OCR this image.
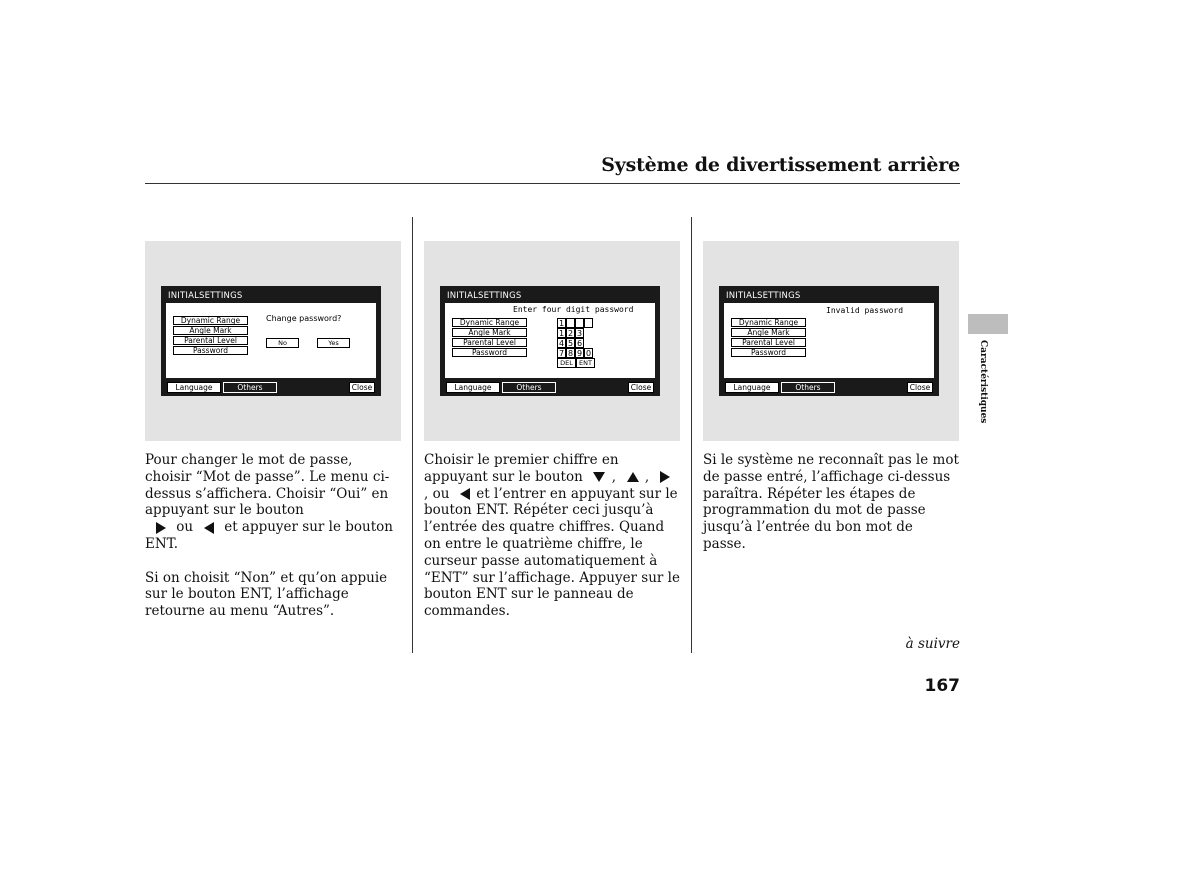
Système de divertissement arrière
INITIALSETTINGS
Dynamic Range
Angle Mark
Parental Level
Password
Change password?
No	Yes
Language	Others	Close
INITIALSETTINGS
Enter four digit password
Dynamic Range
Angle Mark
Parental Level
Password
1
1 2 3
4 5 6
7 8 9 0
DEL ENT
Language	Others	Close
INITIALSETTINGS
Invalid password
Dynamic Range
Angle Mark
Parental Level
Password
Language	Others	Close

Pour changer le mot de passe, choisir “Mot de passe”. Le menu ci-dessus s’affichera. Choisir “Oui” en appuyant sur le bouton
ou et appuyer sur le bouton ENT.

Si on choisit “Non” et qu’on appuie sur le bouton ENT, l’affichage retourne au menu “Autres”.

Choisir le premier chiffre en appuyant sur le bouton , ,   , ou et l’entrer en appuyant sur le bouton ENT. Répéter ceci jusqu’à l’entrée des quatre chiffres. Quand on entre le quatrième chiffre, le curseur passe automatiquement à “ENT” sur l’affichage. Appuyer sur le bouton ENT sur le panneau de commandes.

Si le système ne reconnaît pas le mot de passe entré, l’affichage ci-dessus paraîtra. Répéter les étapes de programmation du mot de passe jusqu’à l’entrée du bon mot de passe.

Caractéristiques
à suivre
167
